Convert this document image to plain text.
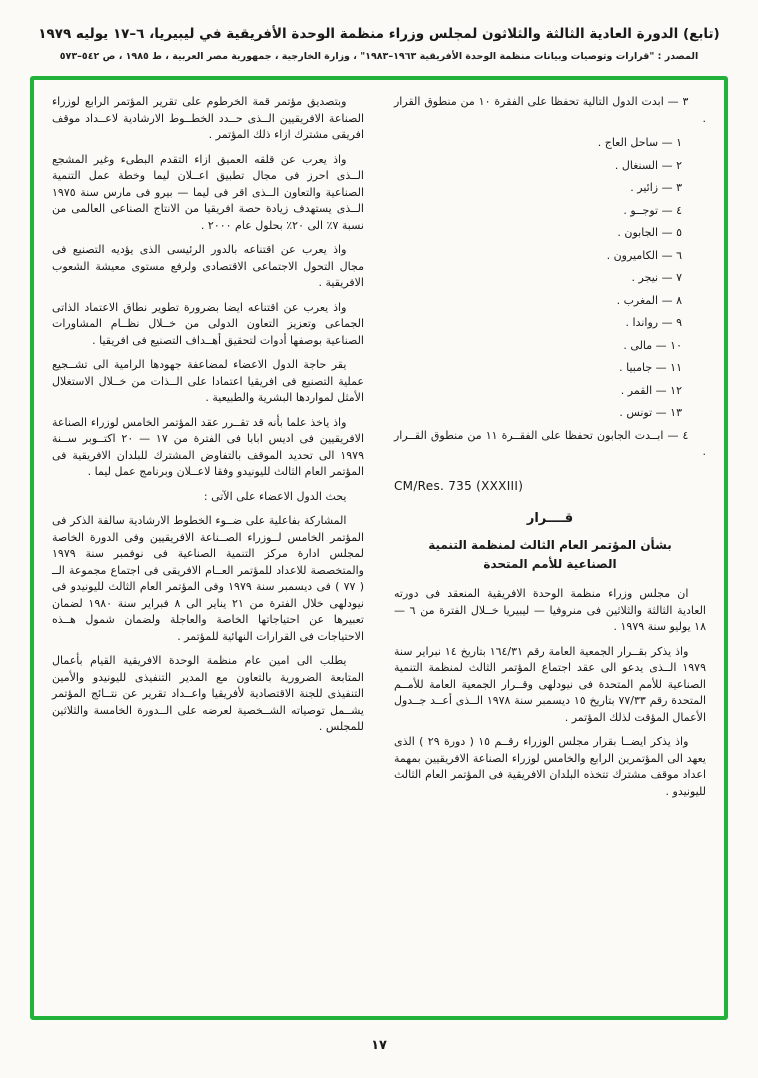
(تابع) الدورة العادية الثالثة والثلاثون لمجلس وزراء منظمة الوحدة الأفريقية في ليبيريا، ٦–١٧ يوليه ١٩٧٩
المصدر : "قرارات وتوصيات وبيانات منظمة الوحدة الأفريقية ١٩٦٣–١٩٨٣" ، وزارة الخارجية ، جمهورية مصر العربية ، ط ١٩٨٥ ، ص ٥٤٢–٥٧٣

٣ — ابدت الدول التالية تحفظا على الفقرة ١٠ من منطوق القرار .

١ — ساحل العاج .
٢ — السنغال .
٣ — زائير .
٤ — توجــو .
٥ — الجابون .
٦ — الكاميرون .
٧ — نيجر .
٨ — المغرب .
٩ — رواندا .
١٠ — مالى .
١١ — جامبيا .
١٢ — القمر .
١٣ — تونس .

٤ — ابــدت الجابون تحفظا على الفقــرة ١١ من منطوق القــرار .

CM/Res. 735 (XXXIII)
قــــرار
بشأن المؤتمر العام الثالث لمنظمة التنمية الصناعية للأمم المتحدة

ان مجلس وزراء منظمة الوحدة الافريقية المنعقد فى دورته العادية الثالثة والثلاثين فى منروفيا — ليبيريا خــلال الفترة من ٦ — ١٨ يوليو سنة ١٩٧٩ .

واذ يذكر بقــرار الجمعية العامة رقم ١٦٤/٣١ بتاريخ ١٤ نبراير سنة ١٩٧٩ الــذى يدعو الى عقد اجتماع المؤتمر الثالث لمنظمة التنمية الصناعية للأمم المتحدة فى نيودلهى وقــرار الجمعية العامة للأمــم المتحدة رقم ٧٧/٣٣ بتاريخ ١٥ ديسمبر سنة ١٩٧٨ الــذى أعــد جــدول الأعمال المؤقت لذلك المؤتمر .

واذ يذكر ايضــا بقرار مجلس الوزراء رقــم ١٥ ( دورة ٢٩ ) الذى يعهد الى المؤتمرين الرابع والخامس لوزراء الصناعة الافريقيين بمهمة اعداد موقف مشترك تتخذه البلدان الافريقية فى المؤتمر العام الثالث لليونيدو .

وبتصديق مؤتمر قمة الخرطوم على تقرير المؤتمر الرابع لوزراء الصناعة الافريقيين الــذى حــدد الخطــوط الارشادية لاعــداد موقف افريقى مشترك ازاء ذلك المؤتمر .

واذ يعرب عن قلقه العميق ازاء التقدم البطىء وغير المشجع الــذى احرز فى مجال تطبيق اعــلان ليما وخطة عمل التنمية الصناعية والتعاون الــذى اقر فى ليما — بيرو فى مارس سنة ١٩٧٥ الــذى يستهدف زيادة حصة افريقيا من الانتاج الصناعى العالمى من نسبة ٧٪ الى ٢٠٪ بحلول عام ٢٠٠٠ .

واذ يعرب عن اقتناعه بالدور الرئيسى الذى يؤديه التصنيع فى مجال التحول الاجتماعى الاقتصادى ولرفع مستوى معيشة الشعوب الافريقية .

واذ يعرب عن اقتناعه ايضا بضرورة تطوير نطاق الاعتماد الذاتى الجماعى وتعزيز التعاون الدولى من خــلال نظــام المشاورات الصناعية بوصفها أدوات لتحقيق أهــداف التصنيع فى افريقيا .

يقر حاجة الدول الاعضاء لمضاعفة جهودها الرامية الى تشــجيع عملية التصنيع فى افريقيا اعتمادا على الــذات من خــلال الاستغلال الأمثل لمواردها البشرية والطبيعية .

واذ ياخذ علما بأنه قد تقــرر عقد المؤتمر الخامس لوزراء الصناعة الافريقيين فى اديس ابابا فى الفترة من ١٧ — ٢٠ اكتــوبر ســنة ١٩٧٩ الى تحديد الموقف بالتفاوض المشترك للبلدان الافريقية فى المؤتمر العام الثالث لليونيدو وفقا لاعــلان وبرنامج عمل ليما .

يحث الدول الاعضاء على الآتى :

المشاركة بفاعلية على ضــوء الخطوط الارشادية سالفة الذكر فى المؤتمر الخامس لــوزراء الصــناعة الافريقيين وفى الدورة الخاصة لمجلس ادارة مركز التنمية الصناعية فى نوفمبر سنة ١٩٧٩ والمتخصصة للاعداد للمؤتمر العــام الافريقى فى اجتماع مجموعة الــ ( ٧٧ ) فى ديسمبر سنة ١٩٧٩ وفى المؤتمر العام الثالث لليونيدو فى نيودلهى خلال الفترة من ٢١ يناير الى ٨ فبراير سنة ١٩٨٠ لضمان تعبيرها عن احتياجاتها الخاصة والعاجلة ولضمان شمول هــذه الاحتياجات فى القرارات النهائية للمؤتمر .

يطلب الى امين عام منظمة الوحدة الافريقية القيام بأعمال المتابعة الضرورية بالتعاون مع المدير التنفيذى لليونيدو والأمين التنفيذى للجنة الاقتصادية لأفريقيا واعــداد تقرير عن نتــائج المؤتمر يشــمل توصياته الشــخصية لعرضه على الــدورة الخامسة والثلاثين للمجلس .

١٧
